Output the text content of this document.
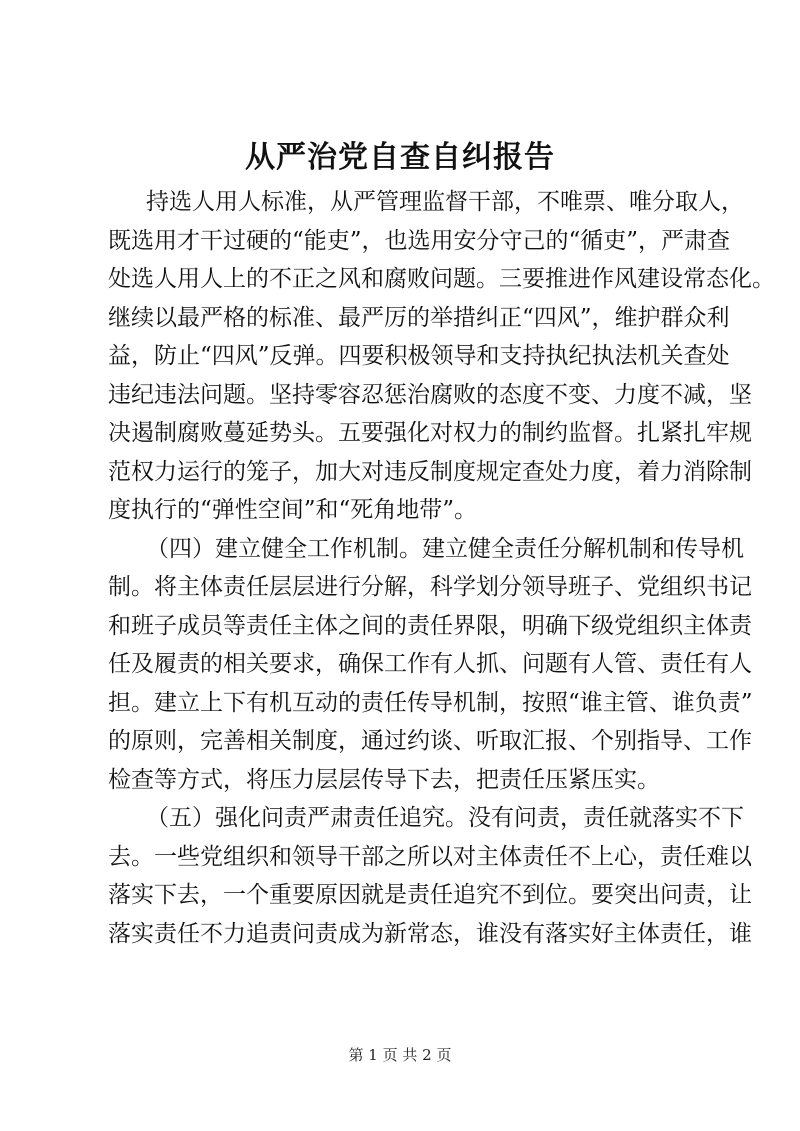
从严治党自查自纠报告
持选人用人标准，从严管理监督干部，不唯票、唯分取人，
既选用才干过硬的“能吏”，也选用安分守己的“循吏”，严肃查
处选人用人上的不正之风和腐败问题。三要推进作风建设常态化。
继续以最严格的标准、最严厉的举措纠正“四风”，维护群众利
益，防止“四风”反弹。四要积极领导和支持执纪执法机关查处
违纪违法问题。坚持零容忍惩治腐败的态度不变、力度不减，坚
决遏制腐败蔓延势头。五要强化对权力的制约监督。扎紧扎牢规
范权力运行的笼子，加大对违反制度规定查处力度，着力消除制
度执行的“弹性空间”和“死角地带”。
（四）建立健全工作机制。建立健全责任分解机制和传导机
制。将主体责任层层进行分解，科学划分领导班子、党组织书记
和班子成员等责任主体之间的责任界限，明确下级党组织主体责
任及履责的相关要求，确保工作有人抓、问题有人管、责任有人
担。建立上下有机互动的责任传导机制，按照“谁主管、谁负责”
的原则，完善相关制度，通过约谈、听取汇报、个别指导、工作
检查等方式，将压力层层传导下去，把责任压紧压实。
（五）强化问责严肃责任追究。没有问责，责任就落实不下
去。一些党组织和领导干部之所以对主体责任不上心，责任难以
落实下去，一个重要原因就是责任追究不到位。要突出问责，让
落实责任不力追责问责成为新常态，谁没有落实好主体责任，谁
第 1 页 共 2 页
